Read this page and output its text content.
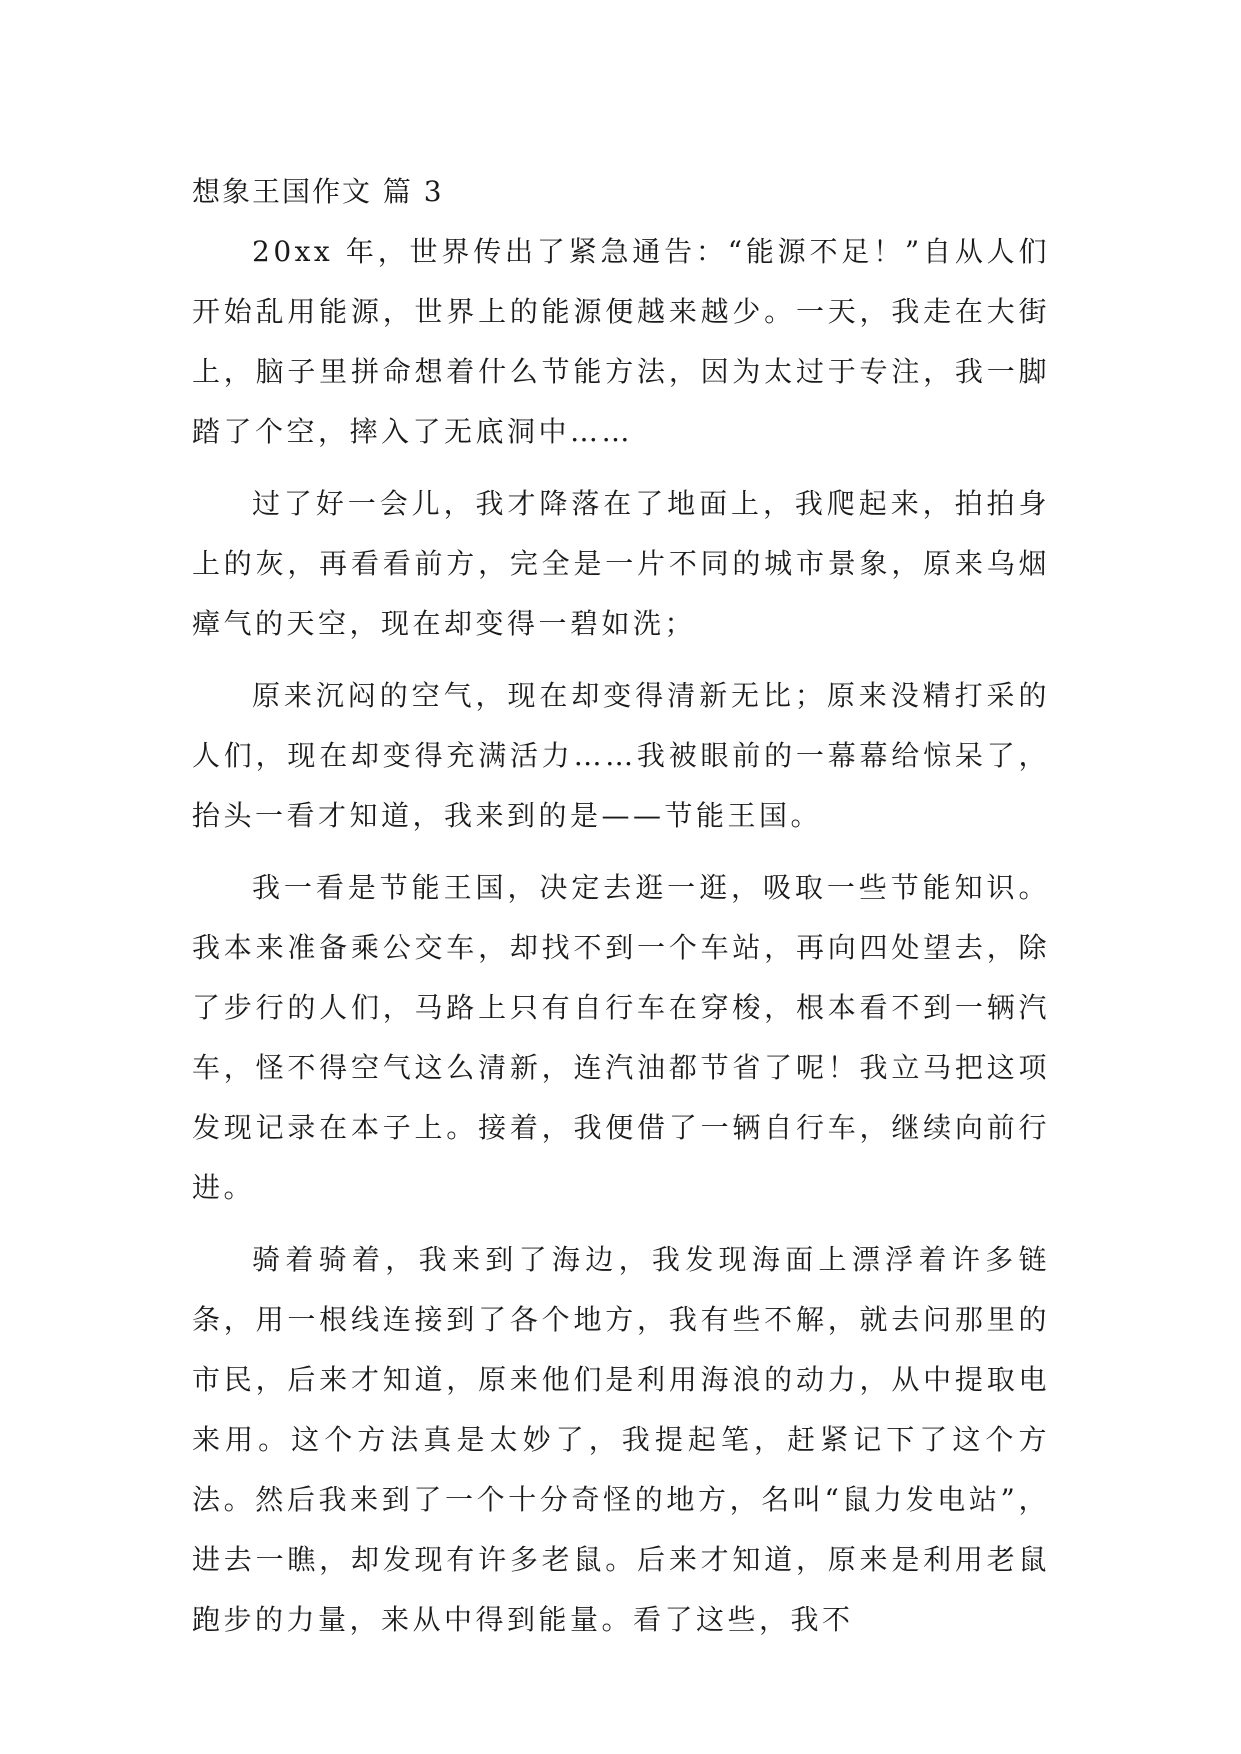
想象王国作文 篇 3

20xx 年，世界传出了紧急通告：“能源不足！”自从人们开始乱用能源，世界上的能源便越来越少。一天，我走在大街上，脑子里拼命想着什么节能方法，因为太过于专注，我一脚踏了个空，摔入了无底洞中……

过了好一会儿，我才降落在了地面上，我爬起来，拍拍身上的灰，再看看前方，完全是一片不同的城市景象，原来乌烟瘴气的天空，现在却变得一碧如洗；

原来沉闷的空气，现在却变得清新无比；原来没精打采的人们，现在却变得充满活力……我被眼前的一幕幕给惊呆了，抬头一看才知道，我来到的是——节能王国。

我一看是节能王国，决定去逛一逛，吸取一些节能知识。我本来准备乘公交车，却找不到一个车站，再向四处望去，除了步行的人们，马路上只有自行车在穿梭，根本看不到一辆汽车，怪不得空气这么清新，连汽油都节省了呢！我立马把这项发现记录在本子上。接着，我便借了一辆自行车，继续向前行进。

骑着骑着，我来到了海边，我发现海面上漂浮着许多链条，用一根线连接到了各个地方，我有些不解，就去问那里的市民，后来才知道，原来他们是利用海浪的动力，从中提取电来用。这个方法真是太妙了，我提起笔，赶紧记下了这个方法。然后我来到了一个十分奇怪的地方，名叫“鼠力发电站”，进去一瞧，却发现有许多老鼠。后来才知道，原来是利用老鼠跑步的力量，来从中得到能量。看了这些，我不
